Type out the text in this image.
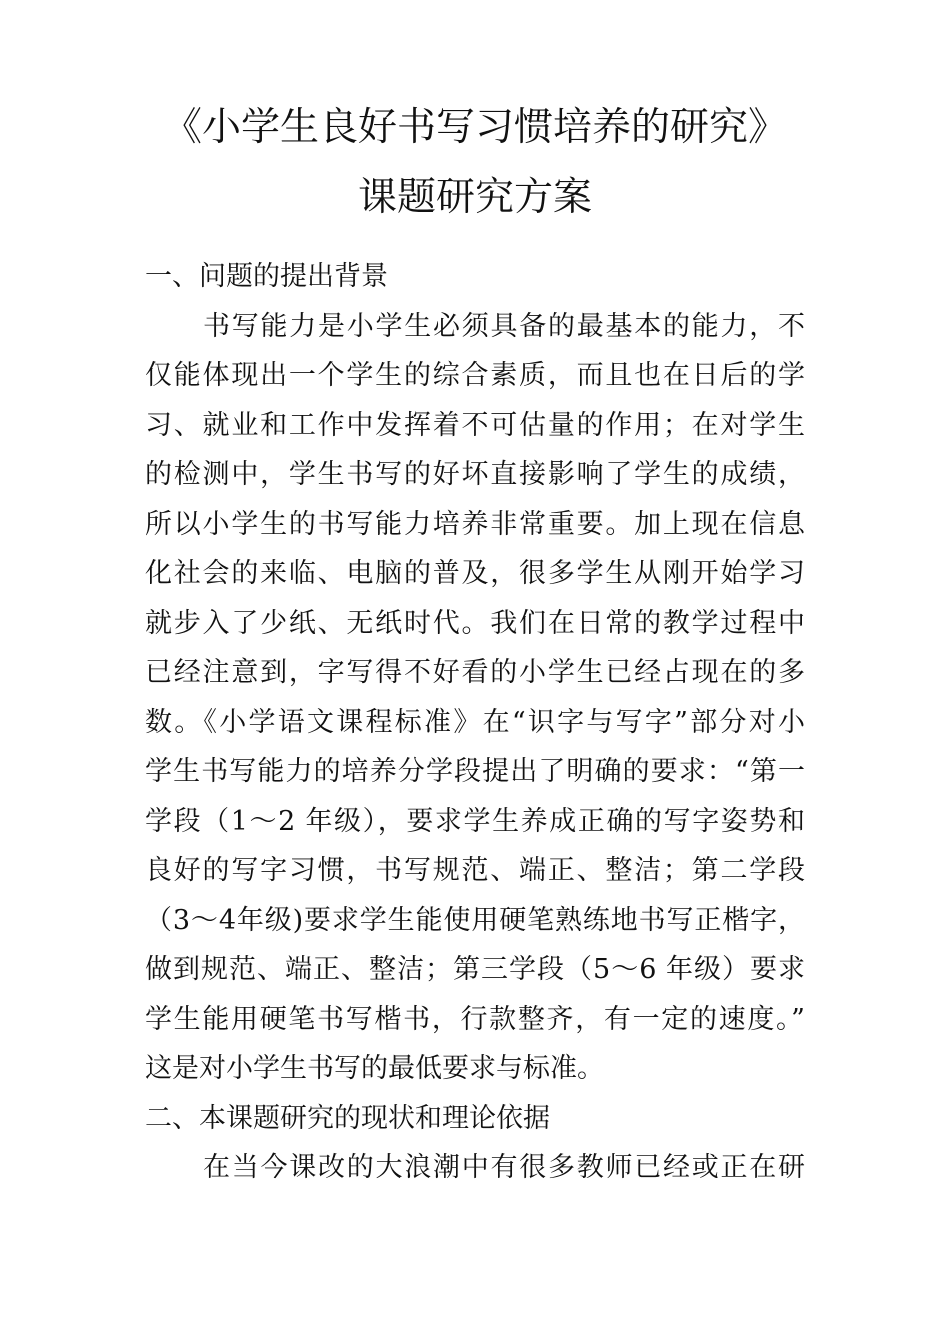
《小学生良好书写习惯培养的研究》
课题研究方案
一、问题的提出背景
书写能力是小学生必须具备的最基本的能力，不
仅能体现出一个学生的综合素质，而且也在日后的学
习、就业和工作中发挥着不可估量的作用；在对学生
的检测中，学生书写的好坏直接影响了学生的成绩，
所以小学生的书写能力培养非常重要。加上现在信息
化社会的来临、电脑的普及，很多学生从刚开始学习
就步入了少纸、无纸时代。我们在日常的教学过程中
已经注意到，字写得不好看的小学生已经占现在的多
数。《小学语文课程标准》在“识字与写字”部分对小
学生书写能力的培养分学段提出了明确的要求：“第一
学段（1～2 年级），要求学生养成正确的写字姿势和
良好的写字习惯，书写规范、端正、整洁；第二学段
（3～4年级)要求学生能使用硬笔熟练地书写正楷字，
做到规范、端正、整洁；第三学段（5～6 年级）要求
学生能用硬笔书写楷书，行款整齐，有一定的速度。”
这是对小学生书写的最低要求与标准。
二、本课题研究的现状和理论依据
在当今课改的大浪潮中有很多教师已经或正在研
